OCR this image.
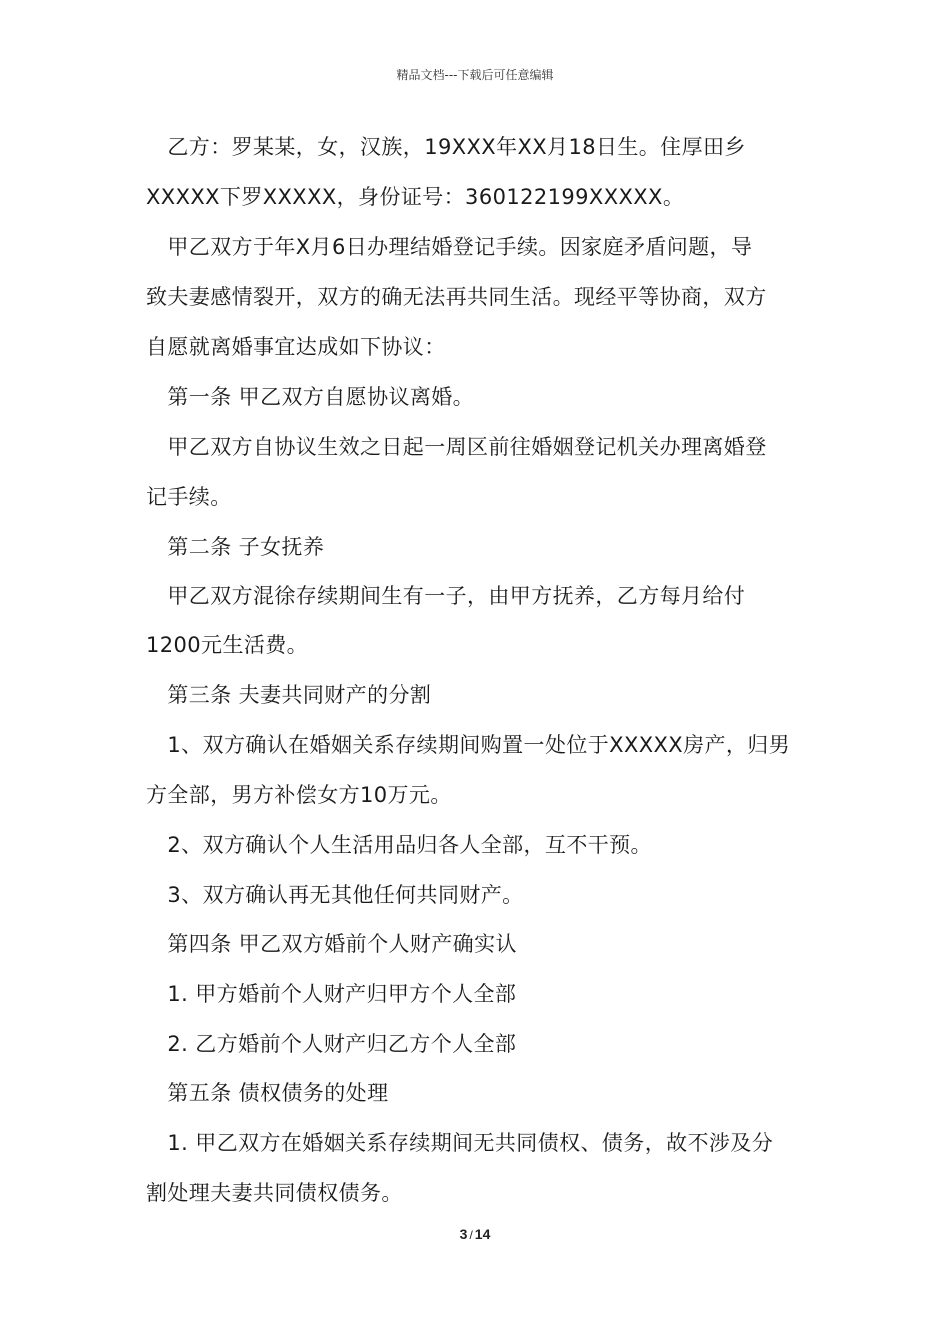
精品文档---下载后可任意编辑
　乙方：罗某某，女，汉族，19XXX年XX月18日生。住厚田乡
XXXXX下罗XXXXX，身份证号：360122199XXXXX。
　甲乙双方于年X月6日办理结婚登记手续。因家庭矛盾问题，导
致夫妻感情裂开，双方的确无法再共同生活。现经平等协商，双方
自愿就离婚事宜达成如下协议：
　第一条 甲乙双方自愿协议离婚。
　甲乙双方自协议生效之日起一周区前往婚姻登记机关办理离婚登
记手续。
　第二条 子女抚养
　甲乙双方混徐存续期间生有一子，由甲方抚养，乙方每月给付
1200元生活费。
　第三条 夫妻共同财产的分割
　1、双方确认在婚姻关系存续期间购置一处位于XXXXX房产，归男
方全部，男方补偿女方10万元。
　2、双方确认个人生活用品归各人全部，互不干预。
　3、双方确认再无其他任何共同财产。
　第四条 甲乙双方婚前个人财产确实认
　1. 甲方婚前个人财产归甲方个人全部
　2. 乙方婚前个人财产归乙方个人全部
　第五条 债权债务的处理
　1. 甲乙双方在婚姻关系存续期间无共同债权、债务，故不涉及分
割处理夫妻共同债权债务。
3 / 14
